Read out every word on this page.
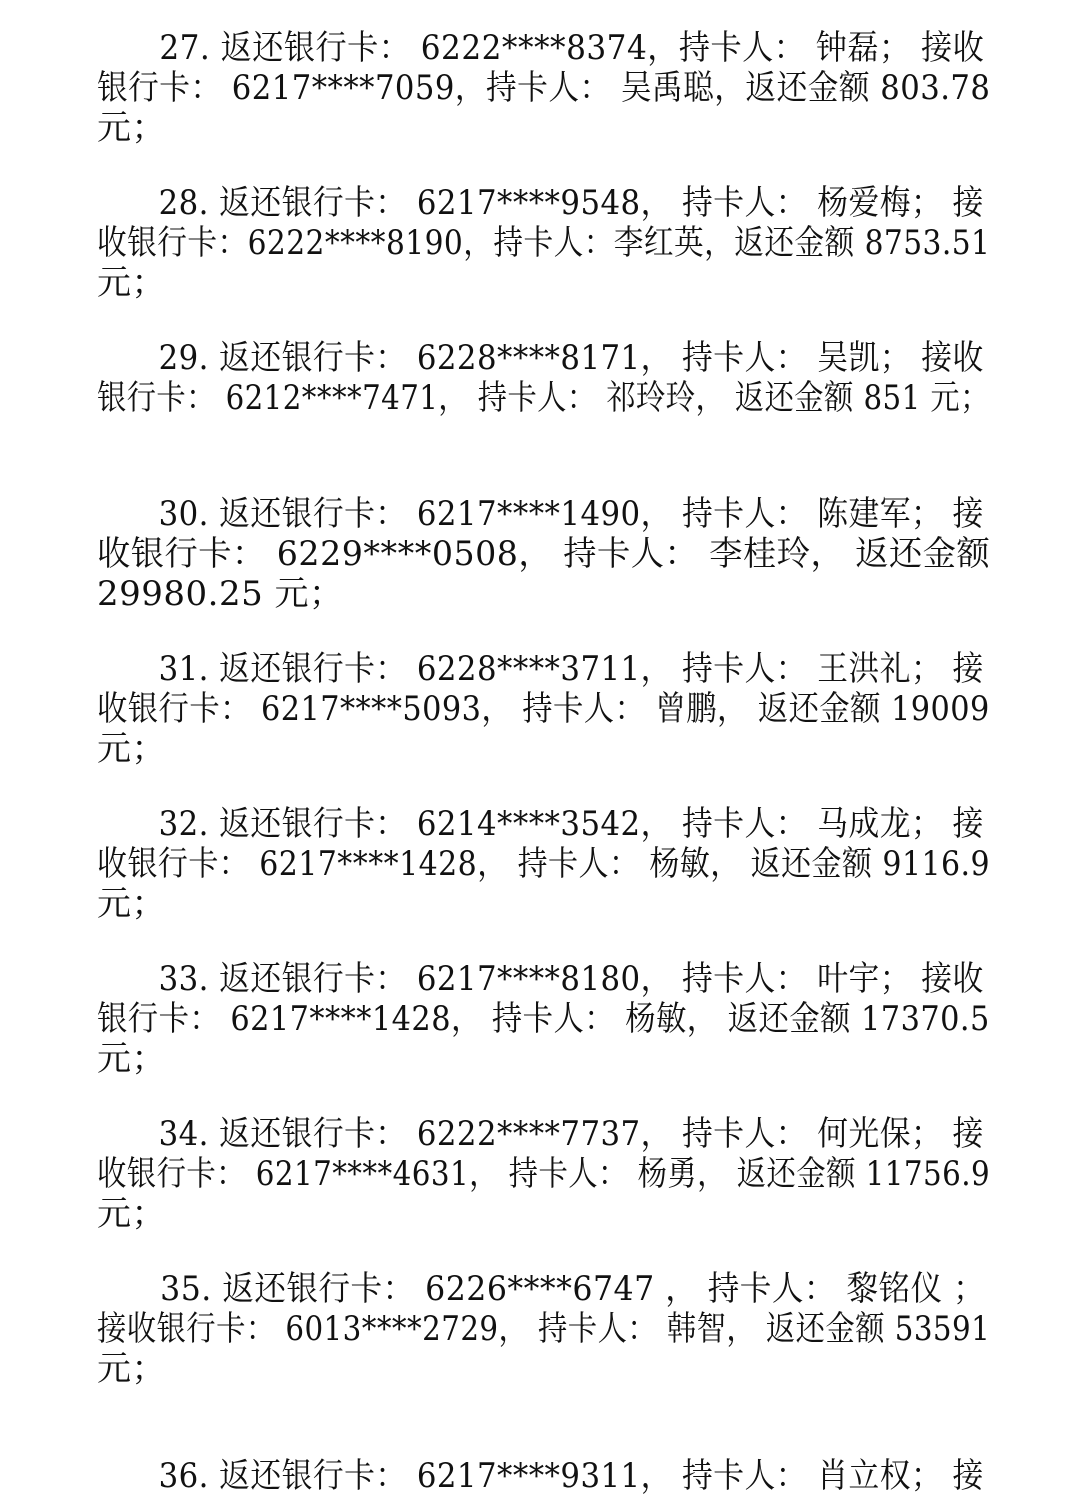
27. 返还银行卡： 6222****8374，持卡人： 钟磊； 接收
银行卡： 6217****7059，持卡人： 吴禹聪，返还金额 803.78
元；
28. 返还银行卡： 6217****9548， 持卡人： 杨爱梅； 接
收银行卡：6222****8190，持卡人：李红英，返还金额 8753.51
元；
29. 返还银行卡： 6228****8171， 持卡人： 吴凯； 接收
银行卡： 6212****7471， 持卡人： 祁玲玲， 返还金额 851 元；
30. 返还银行卡： 6217****1490， 持卡人： 陈建军； 接
收银行卡： 6229****0508， 持卡人： 李桂玲， 返还金额
29980.25 元；
31. 返还银行卡： 6228****3711， 持卡人： 王洪礼； 接
收银行卡： 6217****5093， 持卡人： 曾鹏， 返还金额 19009
元；
32. 返还银行卡： 6214****3542， 持卡人： 马成龙； 接
收银行卡： 6217****1428， 持卡人： 杨敏， 返还金额 9116.9
元；
33. 返还银行卡： 6217****8180， 持卡人： 叶宇； 接收
银行卡： 6217****1428， 持卡人： 杨敏， 返还金额 17370.5
元；
34. 返还银行卡： 6222****7737， 持卡人： 何光保； 接
收银行卡： 6217****4631， 持卡人： 杨勇， 返还金额 11756.9
元；
35. 返还银行卡： 6226****6747 ， 持卡人： 黎铭仪 ；
接收银行卡： 6013****2729， 持卡人： 韩智， 返还金额 53591
元；
36. 返还银行卡： 6217****9311， 持卡人： 肖立权； 接
